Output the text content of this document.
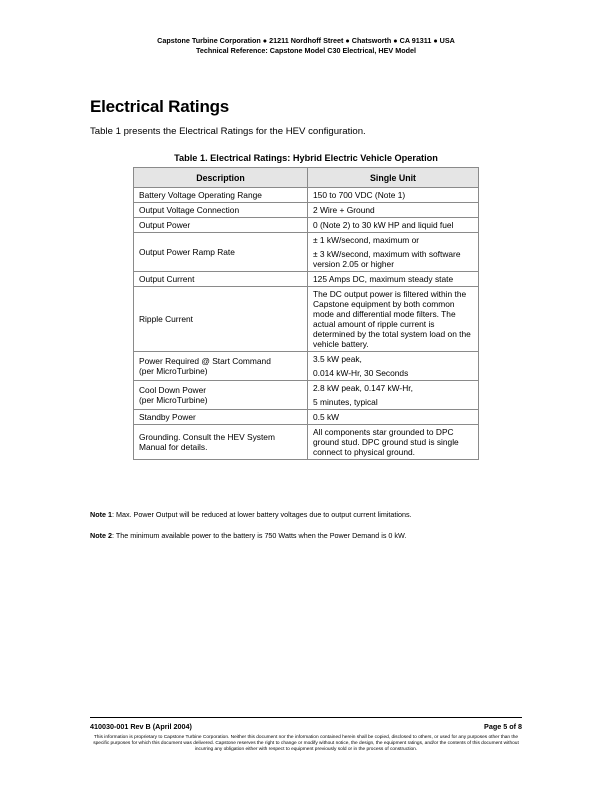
Capstone Turbine Corporation ● 21211 Nordhoff Street ● Chatsworth ● CA 91311 ● USA
Technical Reference: Capstone Model C30 Electrical, HEV Model
Electrical Ratings

Table 1 presents the Electrical Ratings for the HEV configuration.

Table 1. Electrical Ratings: Hybrid Electric Vehicle Operation
Description	Single Unit

Battery Voltage Operating Range	150 to 700 VDC (Note 1)

Output Voltage Connection	2 Wire + Ground

Output Power	0 (Note 2) to 30 kW HP and liquid fuel

Output Power Ramp Rate	± 1 kW/second, maximum or
± 3 kW/second, maximum with software version 2.05 or higher

Output Current	125 Amps DC, maximum steady state

Ripple Current	The DC output power is filtered within the Capstone equipment by both common mode and differential mode filters. The actual amount of ripple current is determined by the total system load on the vehicle battery.

Power Required @ Start Command
(per MicroTurbine)	3.5 kW peak,
0.014 kW-Hr, 30 Seconds

Cool Down Power
(per MicroTurbine)	2.8 kW peak, 0.147 kW-Hr,
5 minutes, typical

Standby Power	0.5 kW

Grounding. Consult the HEV System Manual for details.	All components star grounded to DPC ground stud. DPC ground stud is single connect to physical ground.

Note 1: Max. Power Output will be reduced at lower battery voltages due to output current limitations.

Note 2: The minimum available power to the battery is 750 Watts when the Power Demand is 0 kW.

410030-001 Rev B (April 2004)	Page 5 of 8
This information is proprietary to Capstone Turbine Corporation. Neither this document nor the information contained herein shall be copied, disclosed to others, or used for any purposes other than the specific purposes for which this document was delivered. Capstone reserves the right to change or modify without notice, the design, the equipment ratings, and/or the contents of this document without incurring any obligation either with respect to equipment previously sold or in the process of construction.
